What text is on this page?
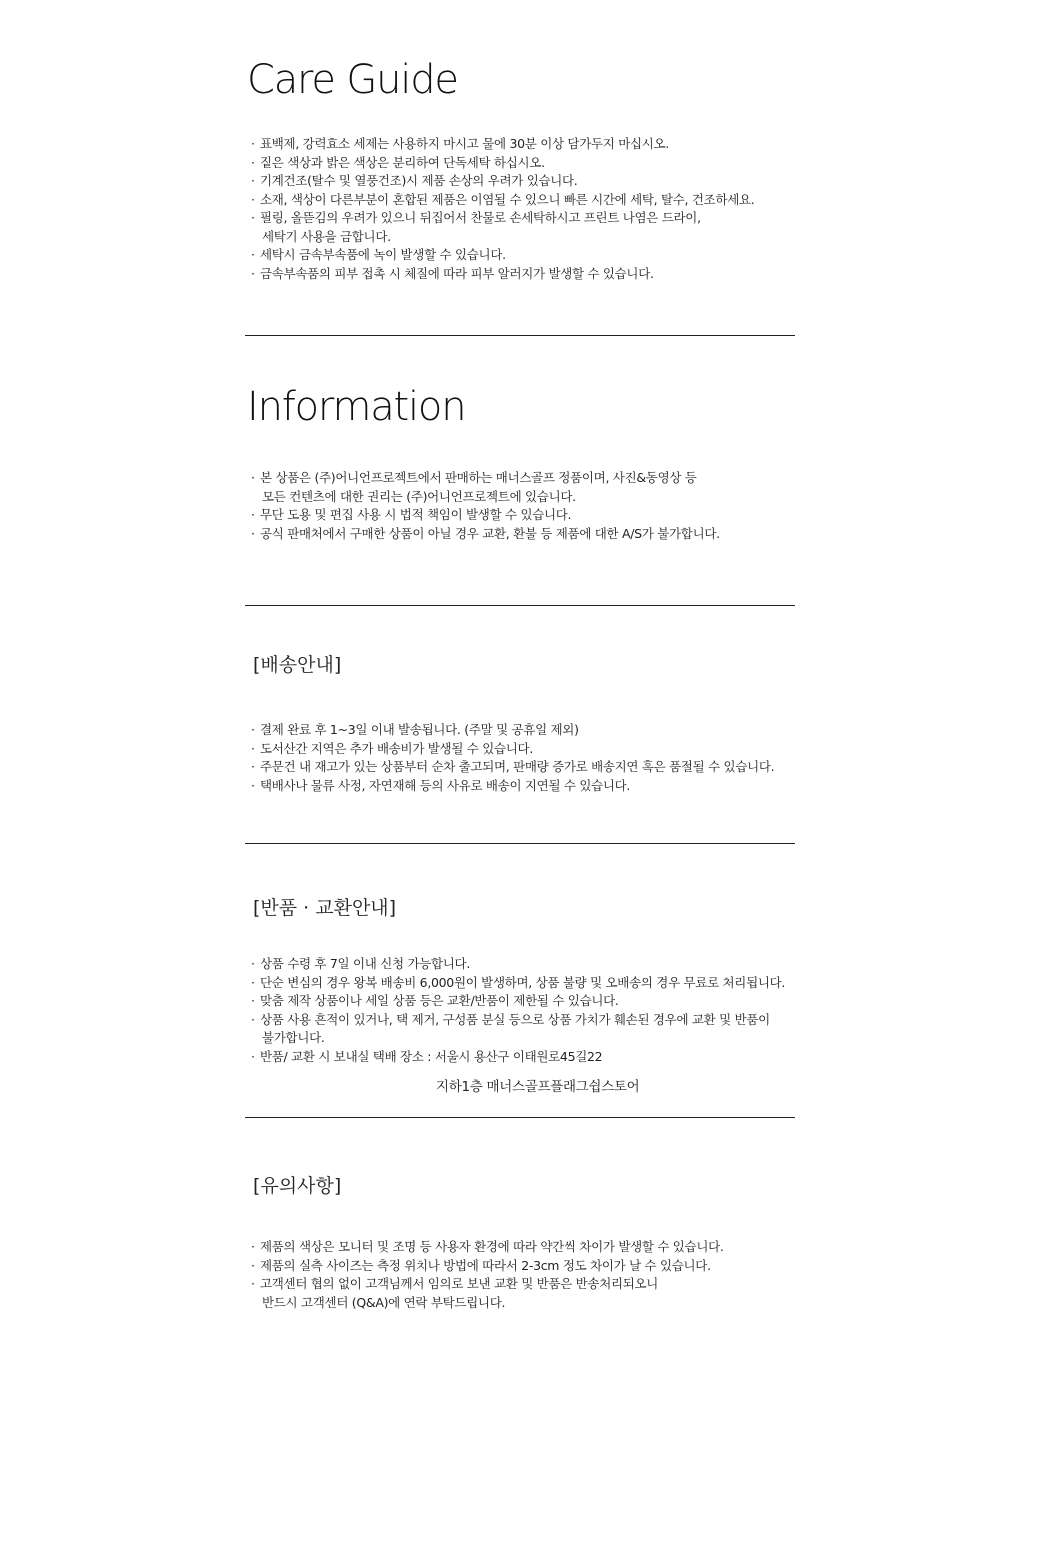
Care Guide
· 표백제, 강력효소 세제는 사용하지 마시고 물에 30분 이상 담가두지 마십시오.
· 짙은 색상과 밝은 색상은 분리하여 단독세탁 하십시오.
· 기계건조(탈수 및 열풍건조)시 제품 손상의 우려가 있습니다.
· 소재, 색상이 다른부분이 혼합된 제품은 이염될 수 있으니 빠른 시간에 세탁, 탈수, 건조하세요.
· 필링, 올뜯김의 우려가 있으니 뒤집어서 찬물로 손세탁하시고 프린트 나염은 드라이,
세탁기 사용을 금합니다.
· 세탁시 금속부속품에 녹이 발생할 수 있습니다.
· 금속부속품의 피부 접촉 시 체질에 따라 피부 알러지가 발생할 수 있습니다.
Information
· 본 상품은 (주)어니언프로젝트에서 판매하는 매너스골프 정품이며, 사진&동영상 등
모든 컨텐츠에 대한 권리는 (주)어니언프로젝트에 있습니다.
· 무단 도용 및 편집 사용 시 법적 책임이 발생할 수 있습니다.
· 공식 판매처에서 구매한 상품이 아닐 경우 교환, 환불 등 제품에 대한 A/S가 불가합니다.
[배송안내]
· 결제 완료 후 1~3일 이내 발송됩니다. (주말 및 공휴일 제외)
· 도서산간 지역은 추가 배송비가 발생될 수 있습니다.
· 주문건 내 재고가 있는 상품부터 순차 출고되며, 판매량 증가로 배송지연 혹은 품절될 수 있습니다.
· 택배사나 물류 사정, 자연재해 등의 사유로 배송이 지연될 수 있습니다.
[반품 · 교환안내]
· 상품 수령 후 7일 이내 신청 가능합니다.
· 단순 변심의 경우 왕복 배송비 6,000원이 발생하며, 상품 불량 및 오배송의 경우 무료로 처리됩니다.
· 맞춤 제작 상품이나 세일 상품 등은 교환/반품이 제한될 수 있습니다.
· 상품 사용 흔적이 있거나, 택 제거, 구성품 분실 등으로 상품 가치가 훼손된 경우에 교환 및 반품이
불가합니다.
· 반품/ 교환 시 보내실 택배 장소 : 서울시 용산구 이태원로45길22
지하1층 매너스골프플래그쉽스토어
[유의사항]
· 제품의 색상은 모니터 및 조명 등 사용자 환경에 따라 약간씩 차이가 발생할 수 있습니다.
· 제품의 실측 사이즈는 측정 위치나 방법에 따라서 2-3cm 정도 차이가 날 수 있습니다.
· 고객센터 협의 없이 고객님께서 임의로 보낸 교환 및 반품은 반송처리되오니
반드시 고객센터 (Q&A)에 연락 부탁드립니다.
